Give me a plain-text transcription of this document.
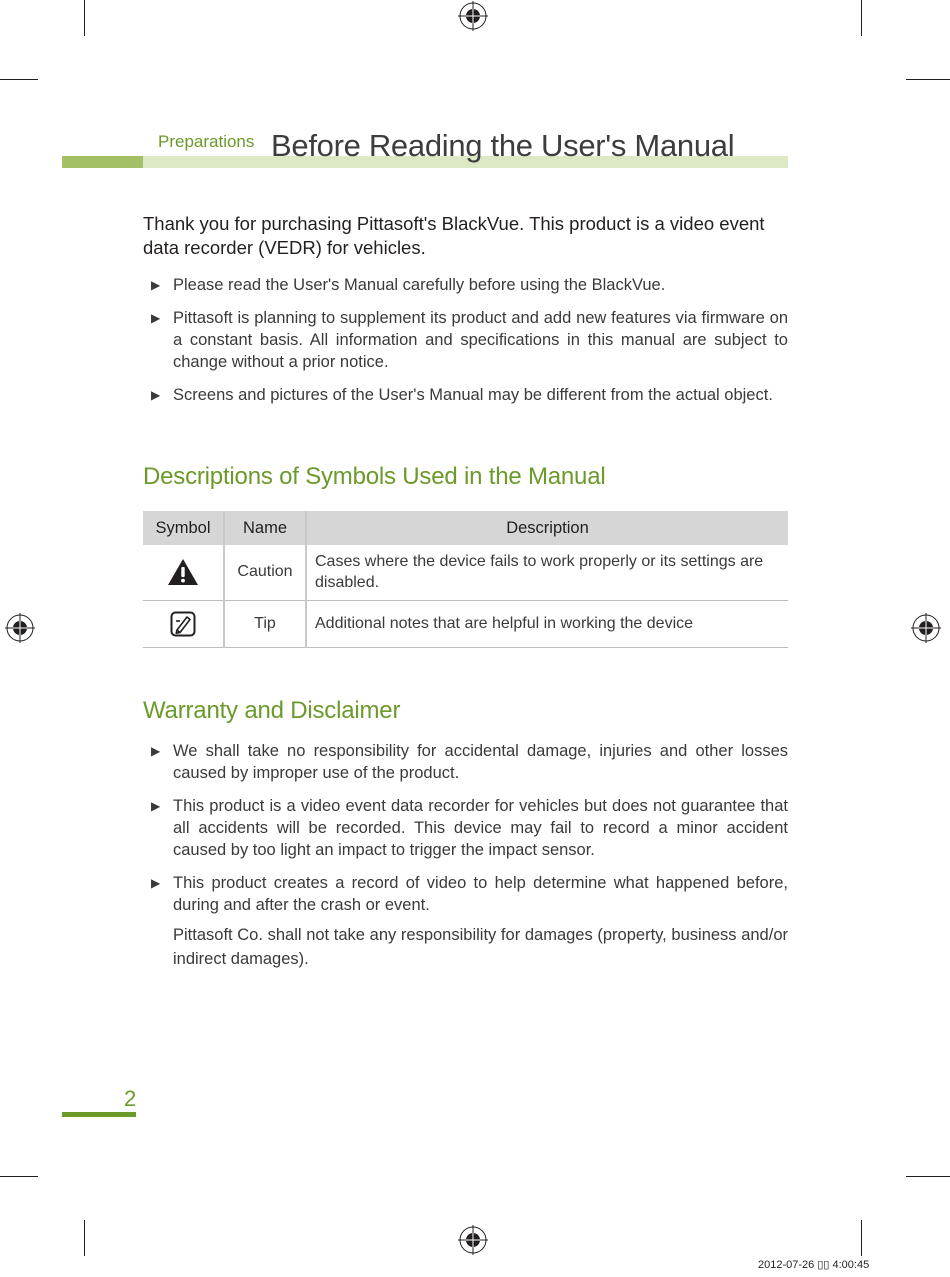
Preparations Before Reading the User's Manual
Thank you for purchasing Pittasoft's BlackVue. This product is a video event data recorder (VEDR) for vehicles.
▶ Please read the User's Manual carefully before using the BlackVue.
▶ Pittasoft is planning to supplement its product and add new features via firmware on a constant basis. All information and specifications in this manual are subject to change without a prior notice.
▶ Screens and pictures of the User's Manual may be different from the actual object.
Descriptions of Symbols Used in the Manual
Symbol	Name	Description

	Caution	Cases where the device fails to work properly or its settings are disabled.

	Tip	Additional notes that are helpful in working the device
Warranty and Disclaimer
▶ We shall take no responsibility for accidental damage, injuries and other losses caused by improper use of the product.
▶ This product is a video event data recorder for vehicles but does not guarantee that all accidents will be recorded. This device may fail to record a minor accident caused by too light an impact to trigger the impact sensor.
▶ This product creates a record of video to help determine what happened before, during and after the crash or event.
Pittasoft Co. shall not take any responsibility for damages (property, business and/or indirect damages).
2
2012-07-26 ▯▯ 4:00:45
